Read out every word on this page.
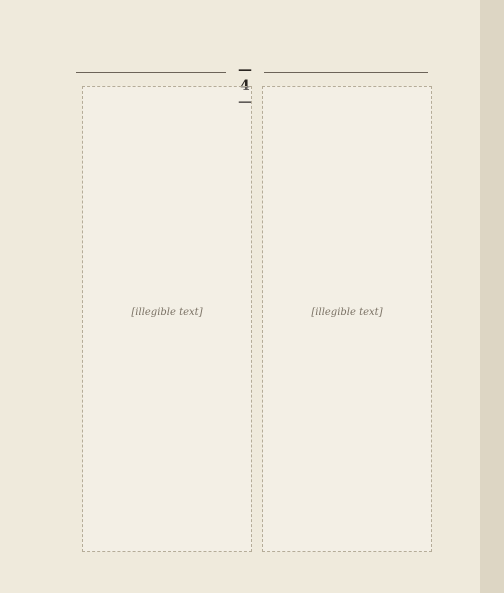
— 4 —
[illegible text]	[illegible text]
